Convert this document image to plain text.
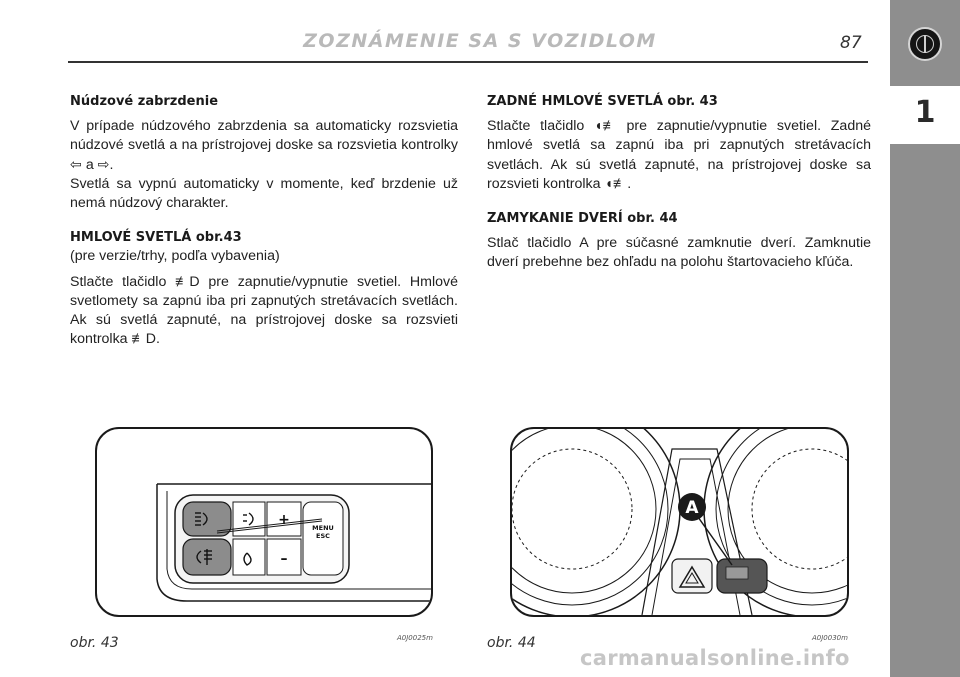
ZOZNÁMENIE SA S VOZIDLOM	87
1

Núdzové zabrzdenie

V prípade núdzového zabrzdenia sa automaticky rozsvietia núdzové svetlá a na prístrojovej doske sa rozsvietia kontrolky ⇦ a ⇨.

Svetlá sa vypnú automaticky v momente, keď brzdenie už nemá núdzový charakter.

HMLOVÉ SVETLÁ obr.43

(pre verzie/trhy, podľa vybavenia)

Stlačte tlačidlo ≢D pre zapnutie/vypnutie svetiel. Hmlové svetlomety sa zapnú iba pri zapnutých stretávacích svetlách. Ak sú svetlá zapnuté, na prístrojovej doske sa rozsvieti kontrolka ≢D.

ZADNÉ HMLOVÉ SVETLÁ obr. 43

Stlačte tlačidlo ◖≢ pre zapnutie/vypnutie svetiel. Zadné hmlové svetlá sa zapnú iba pri zapnutých stretávacích svetlách. Ak sú svetlá zapnuté, na prístrojovej doske sa rozsvieti kontrolka ◖≢.

ZAMYKANIE DVERÍ obr. 44

Stlač tlačidlo A pre súčasné zamknutie dverí. Zamknutie dverí prebehne bez ohľadu na polohu štartovacieho kľúča.

+
–
MENU
ESC
obr. 43	A0J0025m
A
obr. 44	A0J0030m
carmanualsonline.info
